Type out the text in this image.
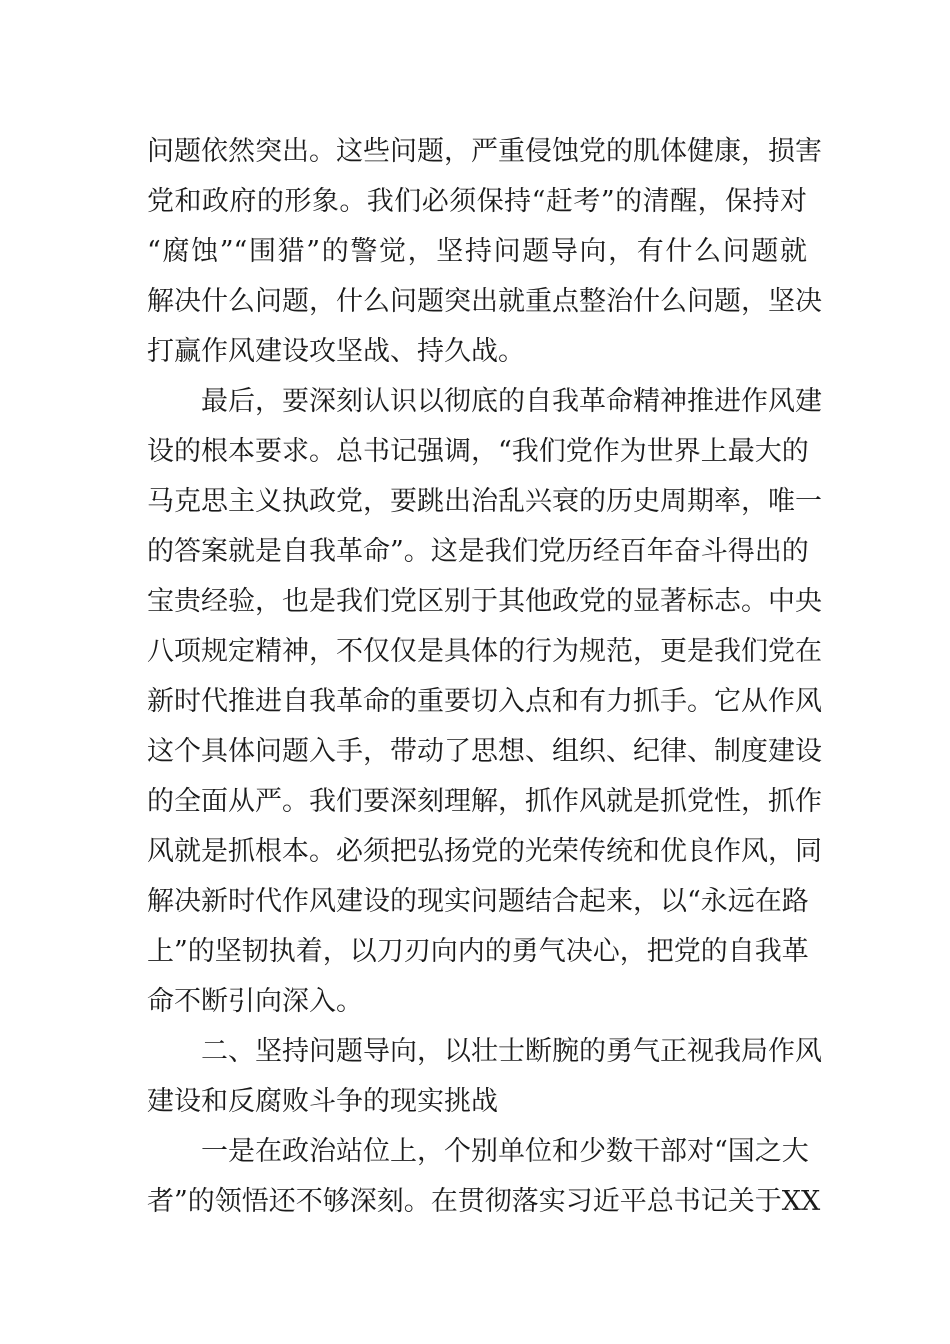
问题依然突出。这些问题，严重侵蚀党的肌体健康，损害
党和政府的形象。我们必须保持“赶考”的清醒，保持对
“腐蚀”“围猎”的警觉，坚持问题导向，有什么问题就
解决什么问题，什么问题突出就重点整治什么问题，坚决
打赢作风建设攻坚战、持久战。
最后，要深刻认识以彻底的自我革命精神推进作风建
设的根本要求。总书记强调，“我们党作为世界上最大的
马克思主义执政党，要跳出治乱兴衰的历史周期率，唯一
的答案就是自我革命”。这是我们党历经百年奋斗得出的
宝贵经验，也是我们党区别于其他政党的显著标志。中央
八项规定精神，不仅仅是具体的行为规范，更是我们党在
新时代推进自我革命的重要切入点和有力抓手。它从作风
这个具体问题入手，带动了思想、组织、纪律、制度建设
的全面从严。我们要深刻理解，抓作风就是抓党性，抓作
风就是抓根本。必须把弘扬党的光荣传统和优良作风，同
解决新时代作风建设的现实问题结合起来，以“永远在路
上”的坚韧执着，以刀刃向内的勇气决心，把党的自我革
命不断引向深入。
二、坚持问题导向，以壮士断腕的勇气正视我局作风
建设和反腐败斗争的现实挑战
一是在政治站位上，个别单位和少数干部对“国之大
者”的领悟还不够深刻。在贯彻落实习近平总书记关于XX
